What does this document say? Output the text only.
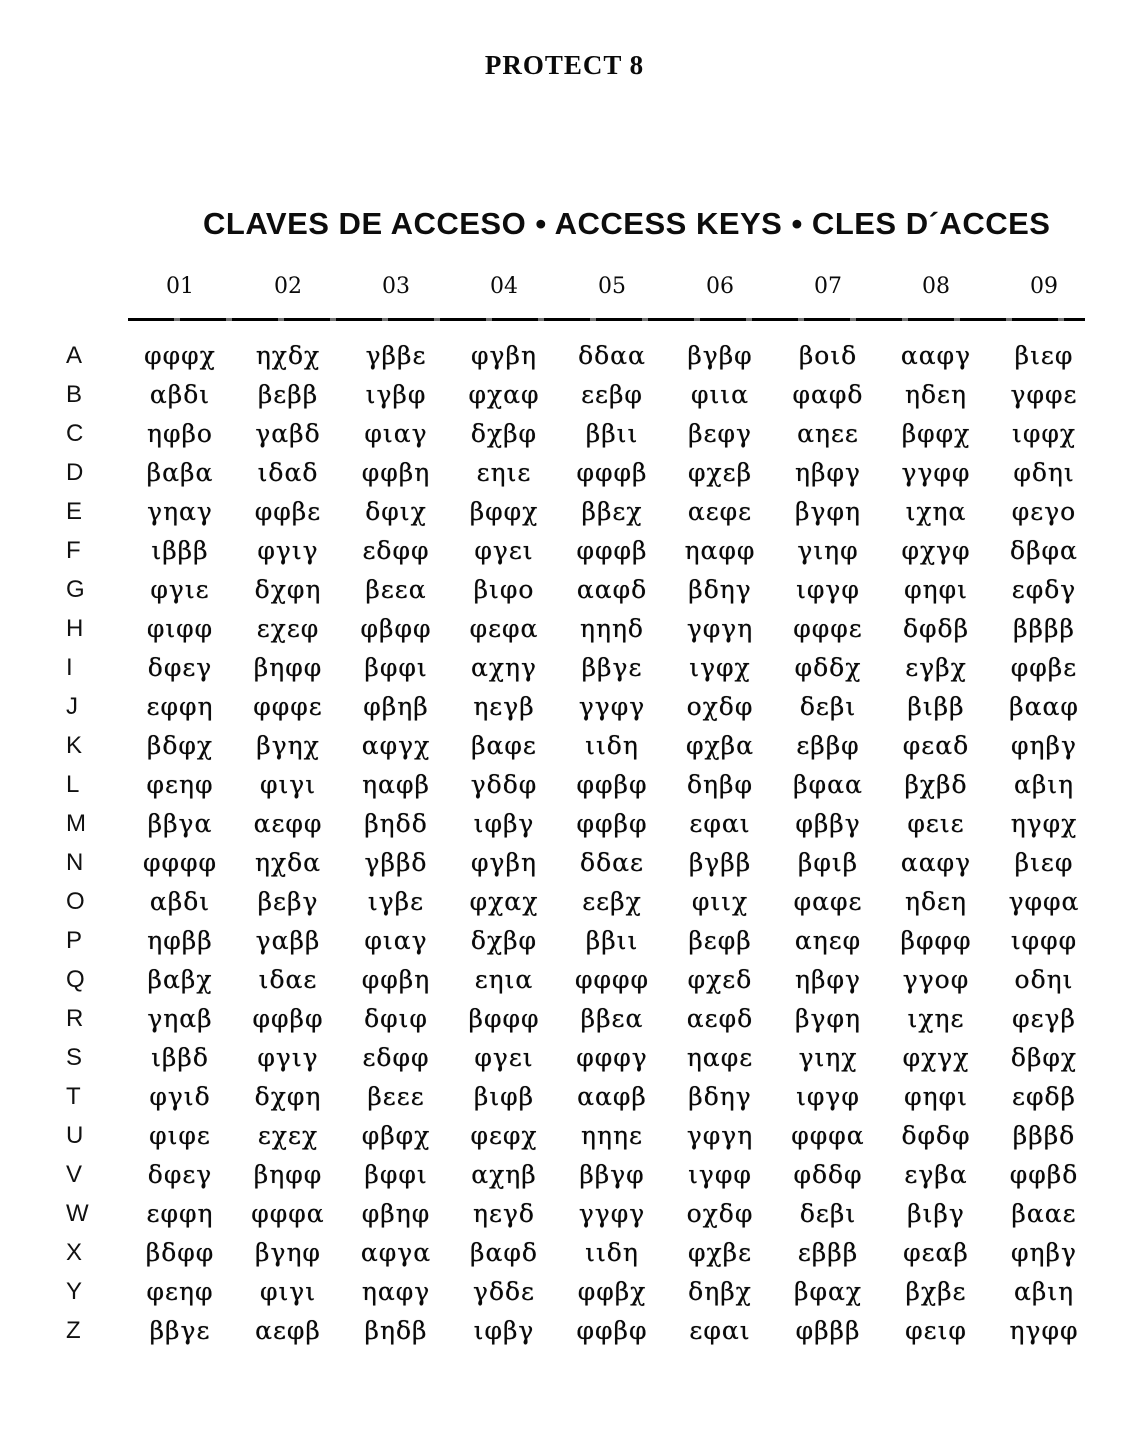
PROTECT 8
CLAVES DE ACCESO • ACCESS KEYS • CLES D´ACCES
01	02	03	04	05	06	07	08	09
A	φφφχ	ηχδχ	γββε	φγβη	δδαα	βγβφ	βοιδ	ααφγ	βιεφ
B	αβδι	βεββ	ιγβφ	φχαφ	εεβφ	φιια	φαφδ	ηδεη	γφφε
C	ηφβο	γαβδ	φιαγ	δχβφ	ββιι	βεφγ	αηεε	βφφχ	ιφφχ
D	βαβα	ιδαδ	φφβη	εηιε	φφφβ	φχεβ	ηβφγ	γγφφ	φδηι
E	γηαγ	φφβε	δφιχ	βφφχ	ββεχ	αεφε	βγφη	ιχηα	φεγο
F	ιβββ	φγιγ	εδφφ	φγει	φφφβ	ηαφφ	γιηφ	φχγφ	δβφα
G	φγιε	δχφη	βεεα	βιφο	ααφδ	βδηγ	ιφγφ	φηφι	εφδγ
H	φιφφ	εχεφ	φβφφ	φεφα	ηηηδ	γφγη	φφφε	δφδβ	ββββ
I	δφεγ	βηφφ	βφφι	αχηγ	ββγε	ιγφχ	φδδχ	εγβχ	φφβε
J	εφφη	φφφε	φβηβ	ηεγβ	γγφγ	οχδφ	δεβι	βιββ	βααφ
K	βδφχ	βγηχ	αφγχ	βαφε	ιιδη	φχβα	εββφ	φεαδ	φηβγ
L	φεηφ	φιγι	ηαφβ	γδδφ	φφβφ	δηβφ	βφαα	βχβδ	αβιη
M	ββγα	αεφφ	βηδδ	ιφβγ	φφβφ	εφαι	φββγ	φειε	ηγφχ
N	φφφφ	ηχδα	γββδ	φγβη	δδαε	βγββ	βφιβ	ααφγ	βιεφ
O	αβδι	βεβγ	ιγβε	φχαχ	εεβχ	φιιχ	φαφε	ηδεη	γφφα
P	ηφββ	γαββ	φιαγ	δχβφ	ββιι	βεφβ	αηεφ	βφφφ	ιφφφ
Q	βαβχ	ιδαε	φφβη	εηια	φφφφ	φχεδ	ηβφγ	γγοφ	οδηι
R	γηαβ	φφβφ	δφιφ	βφφφ	ββεα	αεφδ	βγφη	ιχηε	φεγβ
S	ιββδ	φγιγ	εδφφ	φγει	φφφγ	ηαφε	γιηχ	φχγχ	δβφχ
T	φγιδ	δχφη	βεεε	βιφβ	ααφβ	βδηγ	ιφγφ	φηφι	εφδβ
U	φιφε	εχεχ	φβφχ	φεφχ	ηηηε	γφγη	φφφα	δφδφ	βββδ
V	δφεγ	βηφφ	βφφι	αχηβ	ββγφ	ιγφφ	φδδφ	εγβα	φφβδ
W	εφφη	φφφα	φβηφ	ηεγδ	γγφγ	οχδφ	δεβι	βιβγ	βααε
X	βδφφ	βγηφ	αφγα	βαφδ	ιιδη	φχβε	εβββ	φεαβ	φηβγ
Y	φεηφ	φιγι	ηαφγ	γδδε	φφβχ	δηβχ	βφαχ	βχβε	αβιη
Z	ββγε	αεφβ	βηδβ	ιφβγ	φφβφ	εφαι	φβββ	φειφ	ηγφφ
